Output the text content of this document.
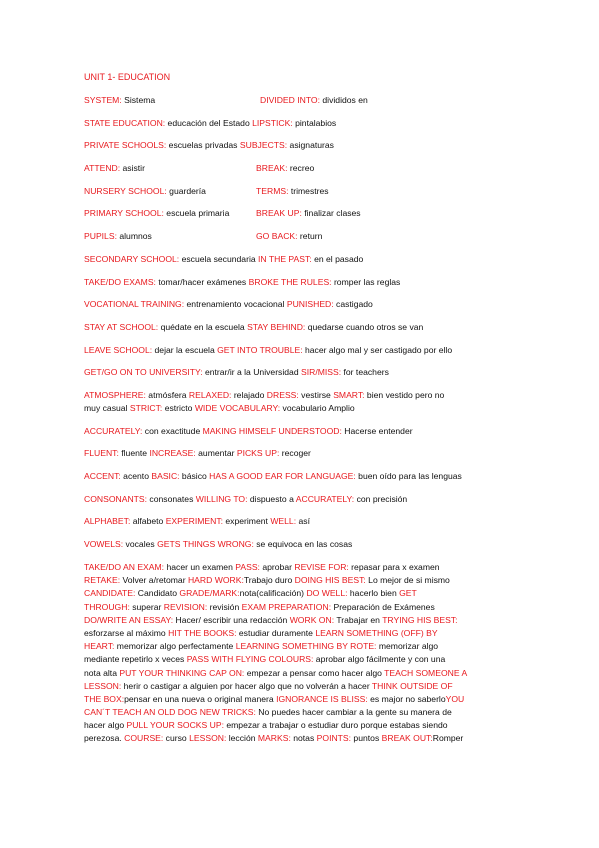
UNIT 1- EDUCATION
SYSTEM: Sistema	DIVIDED INTO: divididos en
STATE EDUCATION: educación del Estado LIPSTICK: pintalabios
PRIVATE SCHOOLS: escuelas privadas SUBJECTS: asignaturas
ATTEND: asistir	BREAK: recreo
NURSERY SCHOOL: guardería	TERMS: trimestres
PRIMARY SCHOOL: escuela primaria	BREAK UP: finalizar clases
PUPILS: alumnos	GO BACK: return
SECONDARY SCHOOL: escuela secundaria IN THE PAST: en el pasado
TAKE/DO EXAMS: tomar/hacer exámenes BROKE THE RULES: romper las reglas
VOCATIONAL TRAINING: entrenamiento vocacional PUNISHED: castigado
STAY AT SCHOOL: quédate en la escuela STAY BEHIND: quedarse cuando otros se van
LEAVE SCHOOL: dejar la escuela GET INTO TROUBLE: hacer algo mal y ser castigado por ello
GET/GO ON TO UNIVERSITY: entrar/ir a la Universidad SIR/MISS: for teachers
ATMOSPHERE: atmósfera RELAXED: relajado DRESS: vestirse SMART: bien vestido pero no
muy casual STRICT: estricto WIDE VOCABULARY: vocabulario Amplio
ACCURATELY: con exactitude MAKING HIMSELF UNDERSTOOD: Hacerse entender
FLUENT: fluente INCREASE: aumentar PICKS UP: recoger
ACCENT: acento BASIC: básico HAS A GOOD EAR FOR LANGUAGE: buen oído para las lenguas
CONSONANTS: consonates WILLING TO: dispuesto a ACCURATELY: con precisión
ALPHABET: alfabeto EXPERIMENT: experiment WELL: así
VOWELS: vocales GETS THINGS WRONG: se equivoca en las cosas
TAKE/DO AN EXAM: hacer un examen PASS: aprobar REVISE FOR: repasar para x examen
RETAKE: Volver a/retomar HARD WORK:Trabajo duro DOING HIS BEST: Lo mejor de si mismo
CANDIDATE: Candidato GRADE/MARK:nota(calificación) DO WELL: hacerlo bien GET
THROUGH: superar REVISION: revisión EXAM PREPARATION: Preparación de Exámenes
DO/WRITE AN ESSAY: Hacer/ escribir una redacción WORK ON: Trabajar en TRYING HIS BEST:
esforzarse al máximo HIT THE BOOKS: estudiar duramente LEARN SOMETHING (OFF) BY
HEART: memorizar algo perfectamente LEARNING SOMETHING BY ROTE: memorizar algo
mediante repetirlo x veces PASS WITH FLYING COLOURS: aprobar algo fácilmente y con una
nota alta PUT YOUR THINKING CAP ON: empezar a pensar como hacer algo TEACH SOMEONE A
LESSON: herir o castigar a alguien por hacer algo que no volverán a hacer THINK OUTSIDE OF
THE BOX:pensar en una nueva o original manera IGNORANCE IS BLISS: es major no saberloYOU
CAN´T TEACH AN OLD DOG NEW TRICKS: No puedes hacer cambiar a la gente su manera de
hacer algo PULL YOUR SOCKS UP: empezar a trabajar o estudiar duro porque estabas siendo
perezosa. COURSE: curso LESSON: lección MARKS: notas POINTS: puntos BREAK OUT:Romper
